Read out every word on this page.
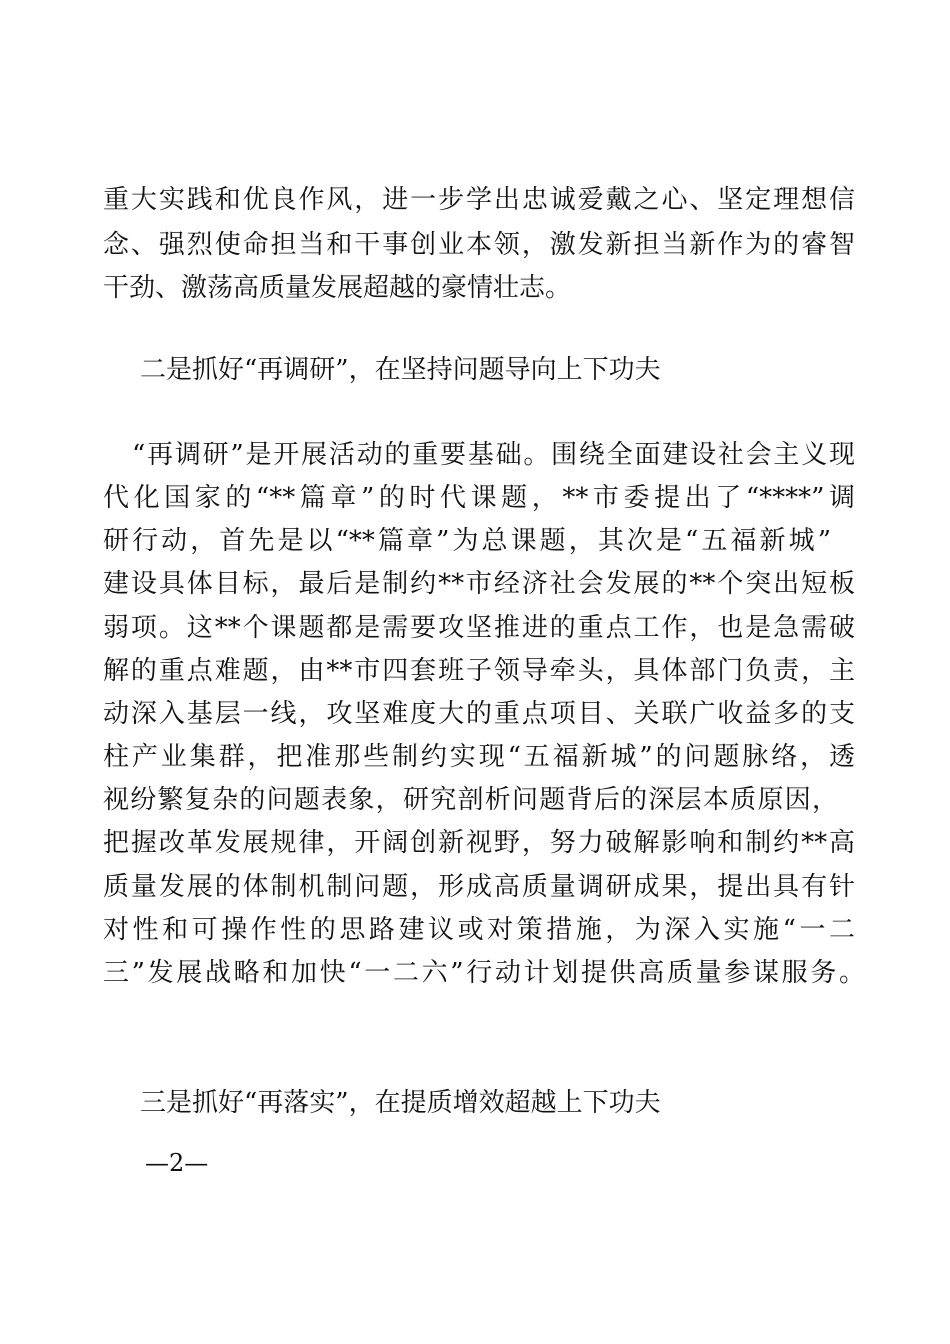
重大实践和优良作风，进一步学出忠诚爱戴之心、坚定理想信
念、强烈使命担当和干事创业本领，激发新担当新作为的睿智
干劲、激荡高质量发展超越的豪情壮志。
二是抓好“再调研”，在坚持问题导向上下功夫
“再调研”是开展活动的重要基础。围绕全面建设社会主义现
代化国家的“**篇章”的时代课题，**市委提出了“****”调
研行动，首先是以“**篇章”为总课题，其次是“五福新城”
建设具体目标，最后是制约**市经济社会发展的**个突出短板
弱项。这**个课题都是需要攻坚推进的重点工作，也是急需破
解的重点难题，由**市四套班子领导牵头，具体部门负责，主
动深入基层一线，攻坚难度大的重点项目、关联广收益多的支
柱产业集群，把准那些制约实现“五福新城”的问题脉络，透
视纷繁复杂的问题表象，研究剖析问题背后的深层本质原因，
把握改革发展规律，开阔创新视野，努力破解影响和制约**高
质量发展的体制机制问题，形成高质量调研成果，提出具有针
对性和可操作性的思路建议或对策措施，为深入实施“一二
三”发展战略和加快“一二六”行动计划提供高质量参谋服务。
三是抓好“再落实”，在提质增效超越上下功夫
—2—
